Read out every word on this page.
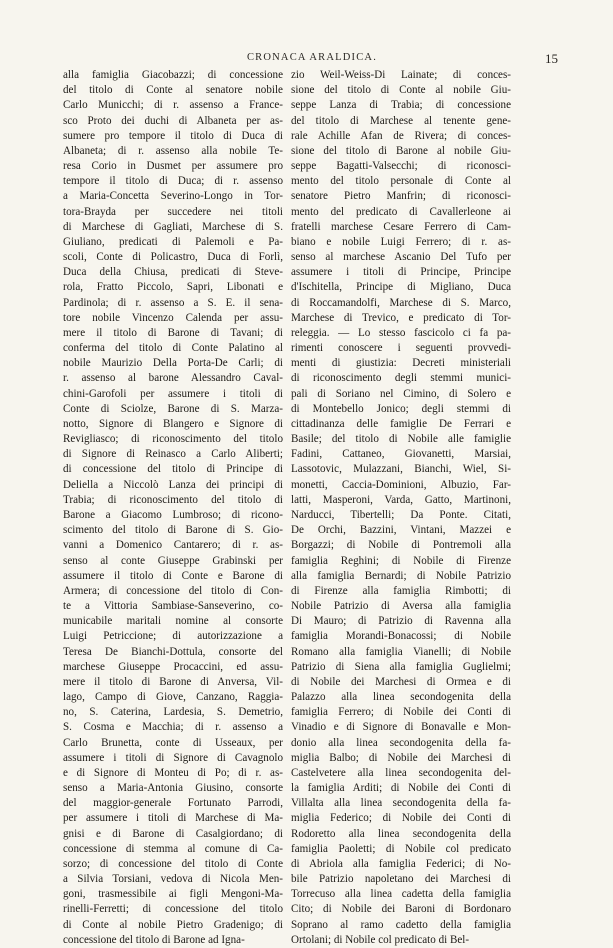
CRONACA ARALDICA.	15
alla famiglia Giacobazzi; di concessione
del titolo di Conte al senatore nobile
Carlo Municchi; di r. assenso a France-
sco Proto dei duchi di Albaneta per as-
sumere pro tempore il titolo di Duca di
Albaneta; di r. assenso alla nobile Te-
resa Corio in Dusmet per assumere pro
tempore il titolo di Duca; di r. assenso
a Maria-Concetta Severino-Longo in Tor-
tora-Brayda per succedere nei titoli
di Marchese di Gagliati, Marchese di S.
Giuliano, predicati di Palemoli e Pa-
scoli, Conte di Policastro, Duca di Forlì,
Duca della Chiusa, predicati di Steve-
rola, Fratto Piccolo, Sapri, Libonati e
Pardinola; di r. assenso a S. E. il sena-
tore nobile Vincenzo Calenda per assu-
mere il titolo di Barone di Tavani; di
conferma del titolo di Conte Palatino al
nobile Maurizio Della Porta-De Carli; di
r. assenso al barone Alessandro Caval-
chini-Garofoli per assumere i titoli di
Conte di Sciolze, Barone di S. Marza-
notto, Signore di Blangero e Signore di
Revigliasco; di riconoscimento del titolo
di Signore di Reinasco a Carlo Aliberti;
di concessione del titolo di Principe di
Deliella a Niccolò Lanza dei principi di
Trabia; di riconoscimento del titolo di
Barone a Giacomo Lumbroso; di ricono-
scimento del titolo di Barone di S. Gio-
vanni a Domenico Cantarero; di r. as-
senso al conte Giuseppe Grabinski per
assumere il titolo di Conte e Barone di
Armera; di concessione del titolo di Con-
te a Vittoria Sambiase-Sanseverino, co-
municabile maritali nomine al consorte
Luigi Petriccione; di autorizzazione a
Teresa De Bianchi-Dottula, consorte del
marchese Giuseppe Procaccini, ed assu-
mere il titolo di Barone di Anversa, Vil-
lago, Campo di Giove, Canzano, Raggia-
no, S. Caterina, Lardesia, S. Demetrio,
S. Cosma e Macchia; di r. assenso a
Carlo Brunetta, conte di Usseaux, per
assumere i titoli di Signore di Cavagnolo
e di Signore di Monteu di Po; di r. as-
senso a Maria-Antonia Giusino, consorte
del maggior-generale Fortunato Parrodi,
per assumere i titoli di Marchese di Ma-
gnisi e di Barone di Casalgiordano; di
concessione di stemma al comune di Ca-
sorzo; di concessione del titolo di Conte
a Silvia Torsiani, vedova di Nicola Men-
goni, trasmessibile ai figli Mengoni-Ma-
rinelli-Ferretti; di concessione del titolo
di Conte al nobile Pietro Gradenigo; di
concessione del titolo di Barone ad Igna-
zio Weil-Weiss-Di Lainate; di conces-
sione del titolo di Conte al nobile Giu-
seppe Lanza di Trabia; di concessione
del titolo di Marchese al tenente gene-
rale Achille Afan de Rivera; di conces-
sione del titolo di Barone al nobile Giu-
seppe Bagatti-Valsecchi; di riconosci-
mento del titolo personale di Conte al
senatore Pietro Manfrin; di riconosci-
mento del predicato di Cavallerleone ai
fratelli marchese Cesare Ferrero di Cam-
biano e nobile Luigi Ferrero; di r. as-
senso al marchese Ascanio Del Tufo per
assumere i titoli di Principe, Principe
d'Ischitella, Principe di Migliano, Duca
di Roccamandolfi, Marchese di S. Marco,
Marchese di Trevico, e predicato di Tor-
releggia. — Lo stesso fascicolo ci fa pa-
rimenti conoscere i seguenti provvedi-
menti di giustizia: Decreti ministeriali
di riconoscimento degli stemmi munici-
pali di Soriano nel Cimino, di Solero e
di Montebello Jonico; degli stemmi di
cittadinanza delle famiglie De Ferrari e
Basile; del titolo di Nobile alle famiglie
Fadini, Cattaneo, Giovanetti, Marsiai,
Lassotovic, Mulazzani, Bianchi, Wiel, Si-
monetti, Caccia-Dominioni, Albuzio, Far-
latti, Masperoni, Varda, Gatto, Martinoni,
Narducci, Tibertelli; Da Ponte. Citati,
De Orchi, Bazzini, Vintani, Mazzei e
Borgazzi; di Nobile di Pontremoli alla
famiglia Reghini; di Nobile di Firenze
alla famiglia Bernardi; di Nobile Patrizio
di Firenze alla famiglia Rimbotti; di
Nobile Patrizio di Aversa alla famiglia
Di Mauro; di Patrizio di Ravenna alla
famiglia Morandi-Bonacossi; di Nobile
Romano alla famiglia Vianelli; di Nobile
Patrizio di Siena alla famiglia Guglielmi;
di Nobile dei Marchesi di Ormea e di
Palazzo alla linea secondogenita della
famiglia Ferrero; di Nobile dei Conti di
Vinadio e di Signore di Bonavalle e Mon-
donio alla linea secondogenita della fa-
miglia Balbo; di Nobile dei Marchesi di
Castelvetere alla linea secondogenita del-
la famiglia Arditi; di Nobile dei Conti di
Villalta alla linea secondogenita della fa-
miglia Federico; di Nobile dei Conti di
Rodoretto alla linea secondogenita della
famiglia Paoletti; di Nobile col predicato
di Abriola alla famiglia Federici; di No-
bile Patrizio napoletano dei Marchesi di
Torrecuso alla linea cadetta della famiglia
Cito; di Nobile dei Baroni di Bordonaro
Soprano al ramo cadetto della famiglia
Ortolani; di Nobile col predicato di Bel-
